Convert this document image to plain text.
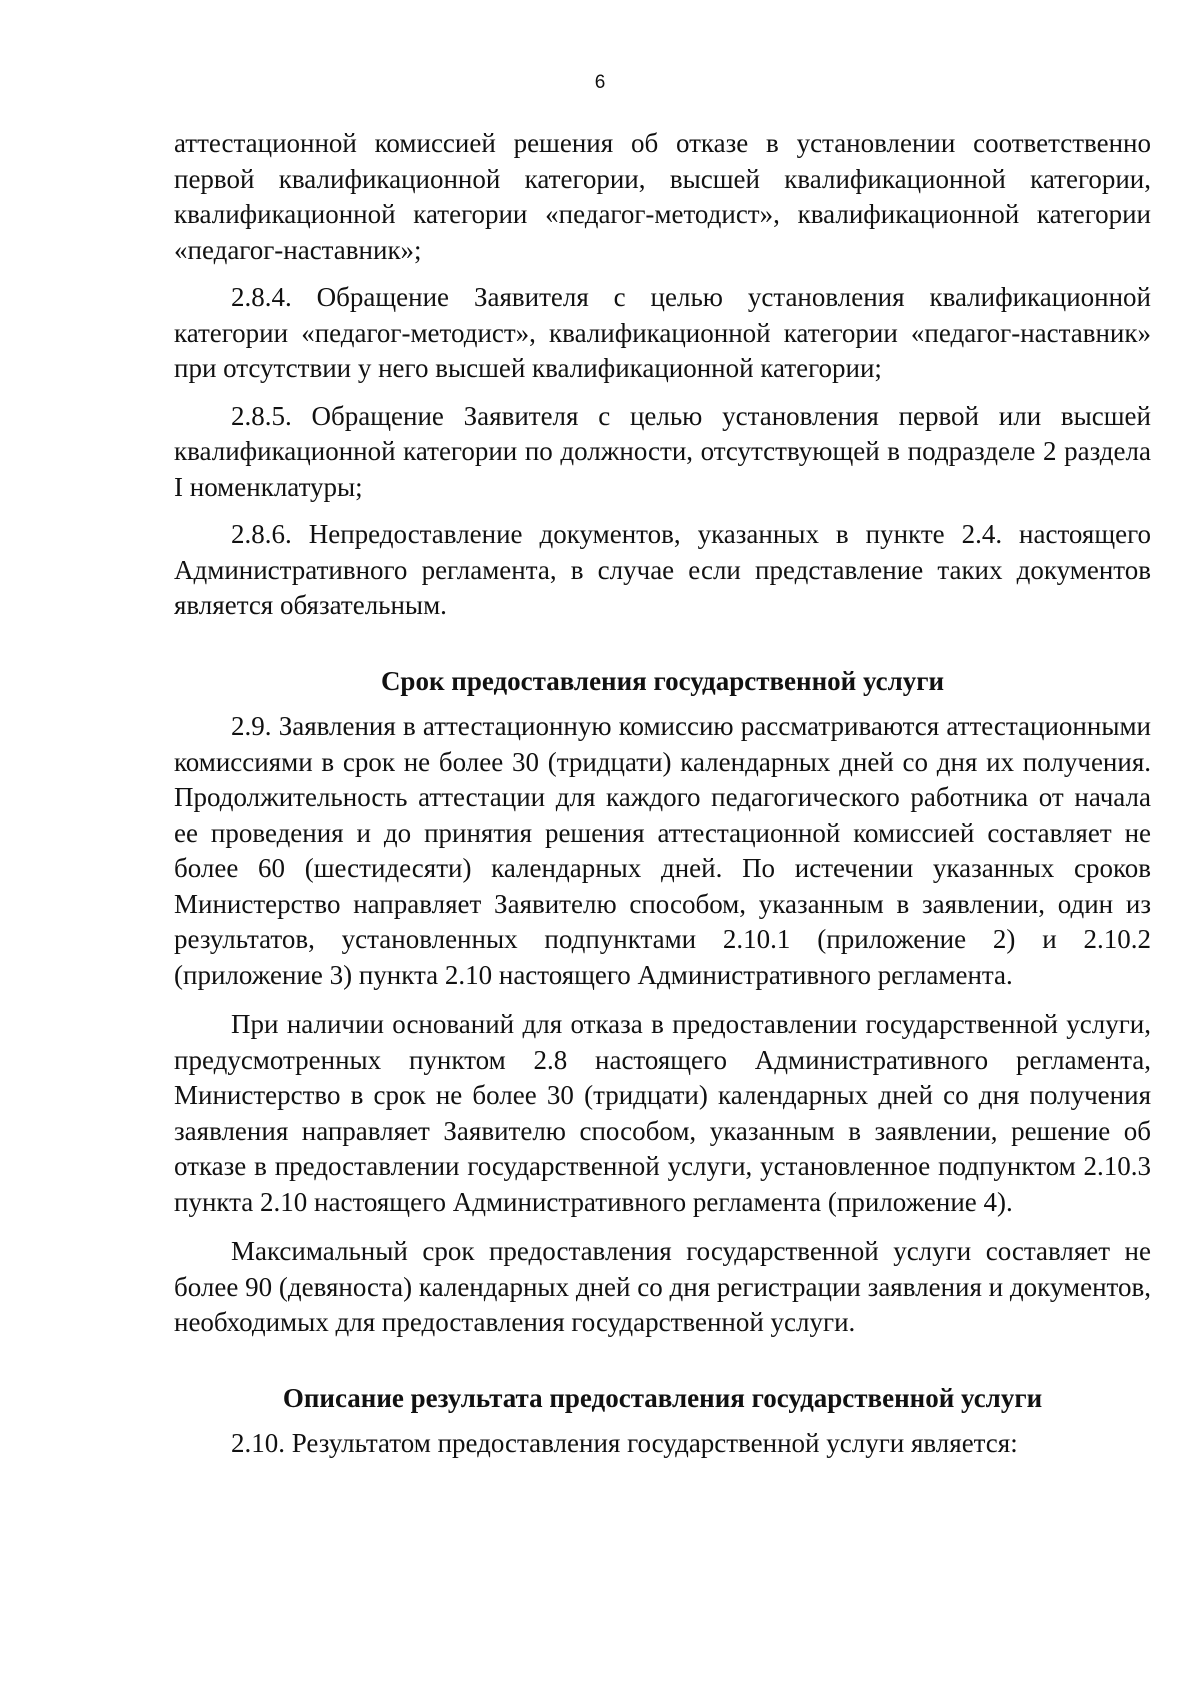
6

аттестационной комиссией решения об отказе в установлении соответственно первой квалификационной категории, высшей квалификационной категории, квалификационной категории «педагог-методист», квалификационной категории «педагог-наставник»;

2.8.4. Обращение Заявителя с целью установления квалификационной категории «педагог-методист», квалификационной категории «педагог-наставник» при отсутствии у него высшей квалификационной категории;

2.8.5. Обращение Заявителя с целью установления первой или высшей квалификационной категории по должности, отсутствующей в подразделе 2 раздела I номенклатуры;

2.8.6. Непредоставление документов, указанных в пункте 2.4. настоящего Административного регламента, в случае если представление таких документов является обязательным.

Срок предоставления государственной услуги

2.9. Заявления в аттестационную комиссию рассматриваются аттестационными комиссиями в срок не более 30 (тридцати) календарных дней со дня их получения. Продолжительность аттестации для каждого педагогического работника от начала ее проведения и до принятия решения аттестационной комиссией составляет не более 60 (шестидесяти) календарных дней. По истечении указанных сроков Министерство направляет Заявителю способом, указанным в заявлении, один из результатов, установленных подпунктами 2.10.1 (приложение 2) и 2.10.2 (приложение 3) пункта 2.10 настоящего Административного регламента.

При наличии оснований для отказа в предоставлении государственной услуги, предусмотренных пунктом 2.8 настоящего Административного регламента, Министерство в срок не более 30 (тридцати) календарных дней со дня получения заявления направляет Заявителю способом, указанным в заявлении, решение об отказе в предоставлении государственной услуги, установленное подпунктом 2.10.3 пункта 2.10 настоящего Административного регламента (приложение 4).

Максимальный срок предоставления государственной услуги составляет не более 90 (девяноста) календарных дней со дня регистрации заявления и документов, необходимых для предоставления государственной услуги.

Описание результата предоставления государственной услуги

2.10. Результатом предоставления государственной услуги является:
